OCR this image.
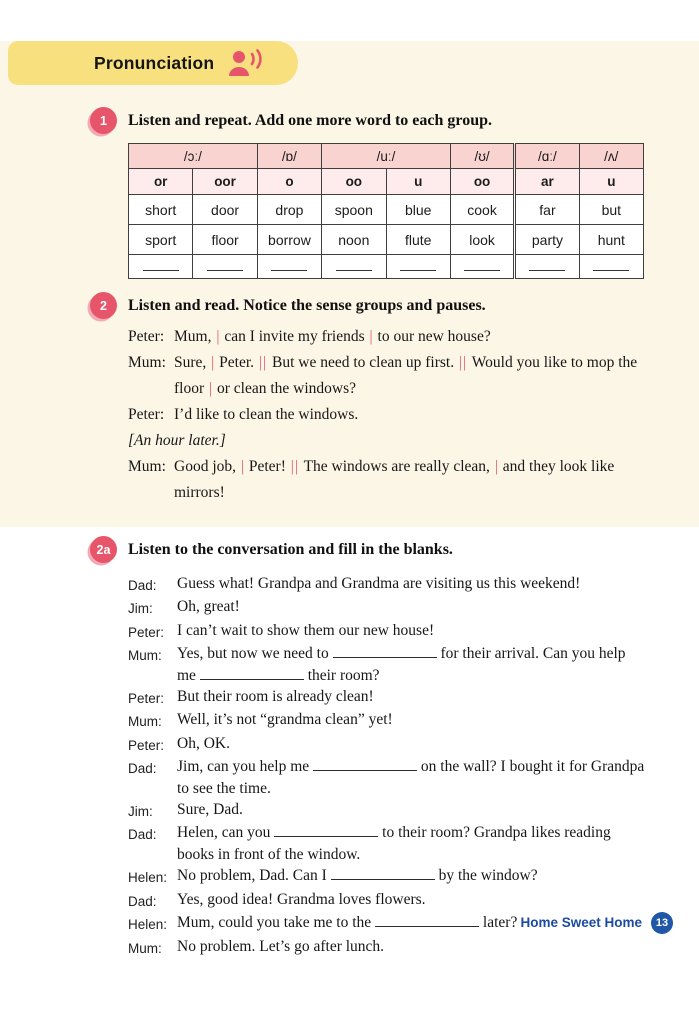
Pronunciation
1	Listen and repeat. Add one more word to each group.
/ɔː/		/ɒ/	/uː/		/ʊ/	/ɑː/	/ʌ/
or	oor	o	oo	u	oo	ar	u
short	door	drop	spoon	blue	cook	far	but
sport	floor	borrow	noon	flute	look	party	hunt

2	Listen and read. Notice the sense groups and pauses.
Peter: Mum, | can I invite my friends | to our new house?
Mum: Sure, | Peter. || But we need to clean up first. || Would you like to mop the floor | or clean the windows?
Peter: I’d like to clean the windows.
[An hour later.]
Mum: Good job, | Peter! || The windows are really clean, | and they look like mirrors!
2a	Listen to the conversation and fill in the blanks.
Dad:	Guess what! Grandpa and Grandma are visiting us this weekend!
Jim:	Oh, great!
Peter: I can’t wait to show them our new house!
Mum: Yes, but now we need to	for their arrival. Can you help me	their room?
Peter: But their room is already clean!
Mum: Well, it’s not “grandma clean” yet!
Peter: Oh, OK.
Dad:	Jim, can you help me	on the wall? I bought it for Grandpa to see the time.
Jim:	Sure, Dad.
Dad:	Helen, can you	to their room? Grandpa likes reading books in front of the window.
Helen: No problem, Dad. Can I	by the window?
Dad:	Yes, good idea! Grandma loves flowers.
Helen: Mum, could you take me to the	later?
Mum: No problem. Let’s go after lunch.
Home Sweet Home	13
